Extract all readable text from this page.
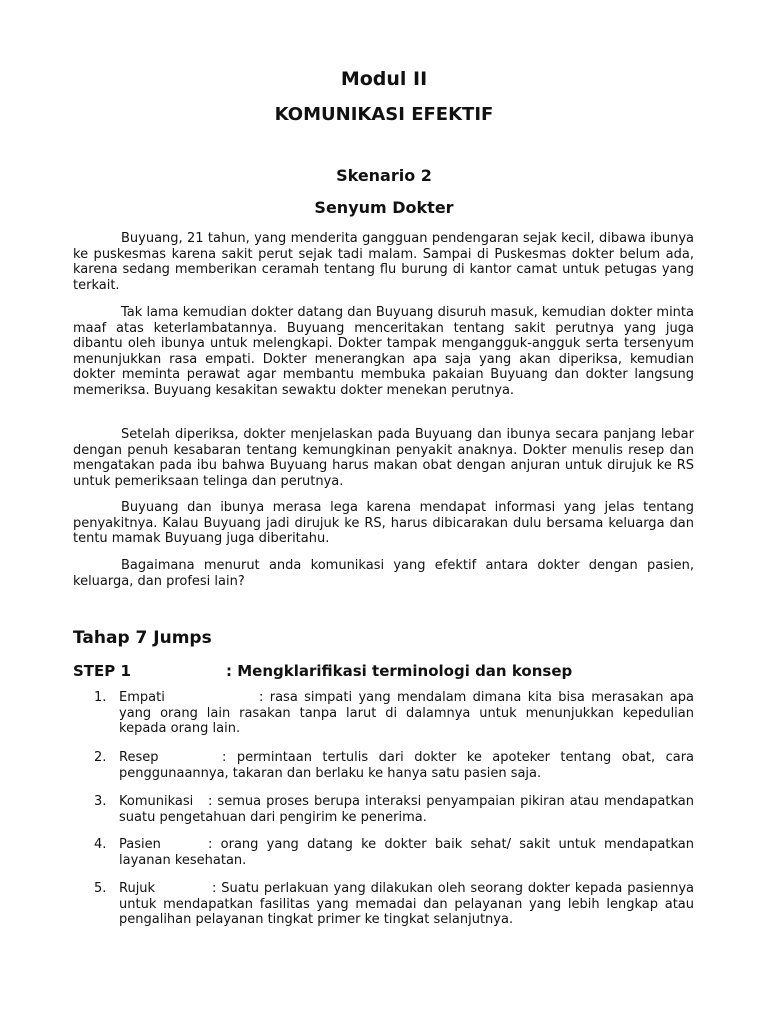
Modul II
KOMUNIKASI EFEKTIF
Skenario 2
Senyum Dokter

Buyuang, 21 tahun, yang menderita gangguan pendengaran sejak kecil, dibawa ibunya ke puskesmas karena sakit perut sejak tadi malam. Sampai di Puskesmas dokter belum ada, karena sedang memberikan ceramah tentang flu burung di kantor camat untuk petugas yang terkait.

Tak lama kemudian dokter datang dan Buyuang disuruh masuk, kemudian dokter minta maaf atas keterlambatannya. Buyuang menceritakan tentang sakit perutnya yang juga dibantu oleh ibunya untuk melengkapi. Dokter tampak mengangguk-angguk serta tersenyum menunjukkan rasa empati. Dokter menerangkan apa saja yang akan diperiksa, kemudian dokter meminta perawat agar membantu membuka pakaian Buyuang dan dokter langsung memeriksa. Buyuang kesakitan sewaktu dokter menekan perutnya.

Setelah diperiksa, dokter menjelaskan pada Buyuang dan ibunya secara panjang lebar dengan penuh kesabaran tentang kemungkinan penyakit anaknya. Dokter menulis resep dan mengatakan pada ibu bahwa Buyuang harus makan obat dengan anjuran untuk dirujuk ke RS untuk pemeriksaan telinga dan perutnya.

Buyuang dan ibunya merasa lega karena mendapat informasi yang jelas tentang penyakitnya. Kalau Buyuang jadi dirujuk ke RS, harus dibicarakan dulu bersama keluarga dan tentu mamak Buyuang juga diberitahu.

Bagaimana menurut anda komunikasi yang efektif antara dokter dengan pasien, keluarga, dan profesi lain?

Tahap 7 Jumps
STEP 1	: Mengklarifikasi terminologi dan konsep
1. Empati	: rasa simpati yang mendalam dimana kita bisa merasakan apa yang orang lain rasakan tanpa larut di dalamnya untuk menunjukkan kepedulian kepada orang lain.
2. Resep	: permintaan tertulis dari dokter ke apoteker tentang obat, cara penggunaannya, takaran dan berlaku ke hanya satu pasien saja.
3. Komunikasi : semua proses berupa interaksi penyampaian pikiran atau mendapatkan suatu pengetahuan dari pengirim ke penerima.
4. Pasien	: orang yang datang ke dokter baik sehat/ sakit untuk mendapatkan layanan kesehatan.
5. Rujuk	: Suatu perlakuan yang dilakukan oleh seorang dokter kepada pasiennya untuk mendapatkan fasilitas yang memadai dan pelayanan yang lebih lengkap atau pengalihan pelayanan tingkat primer ke tingkat selanjutnya.
